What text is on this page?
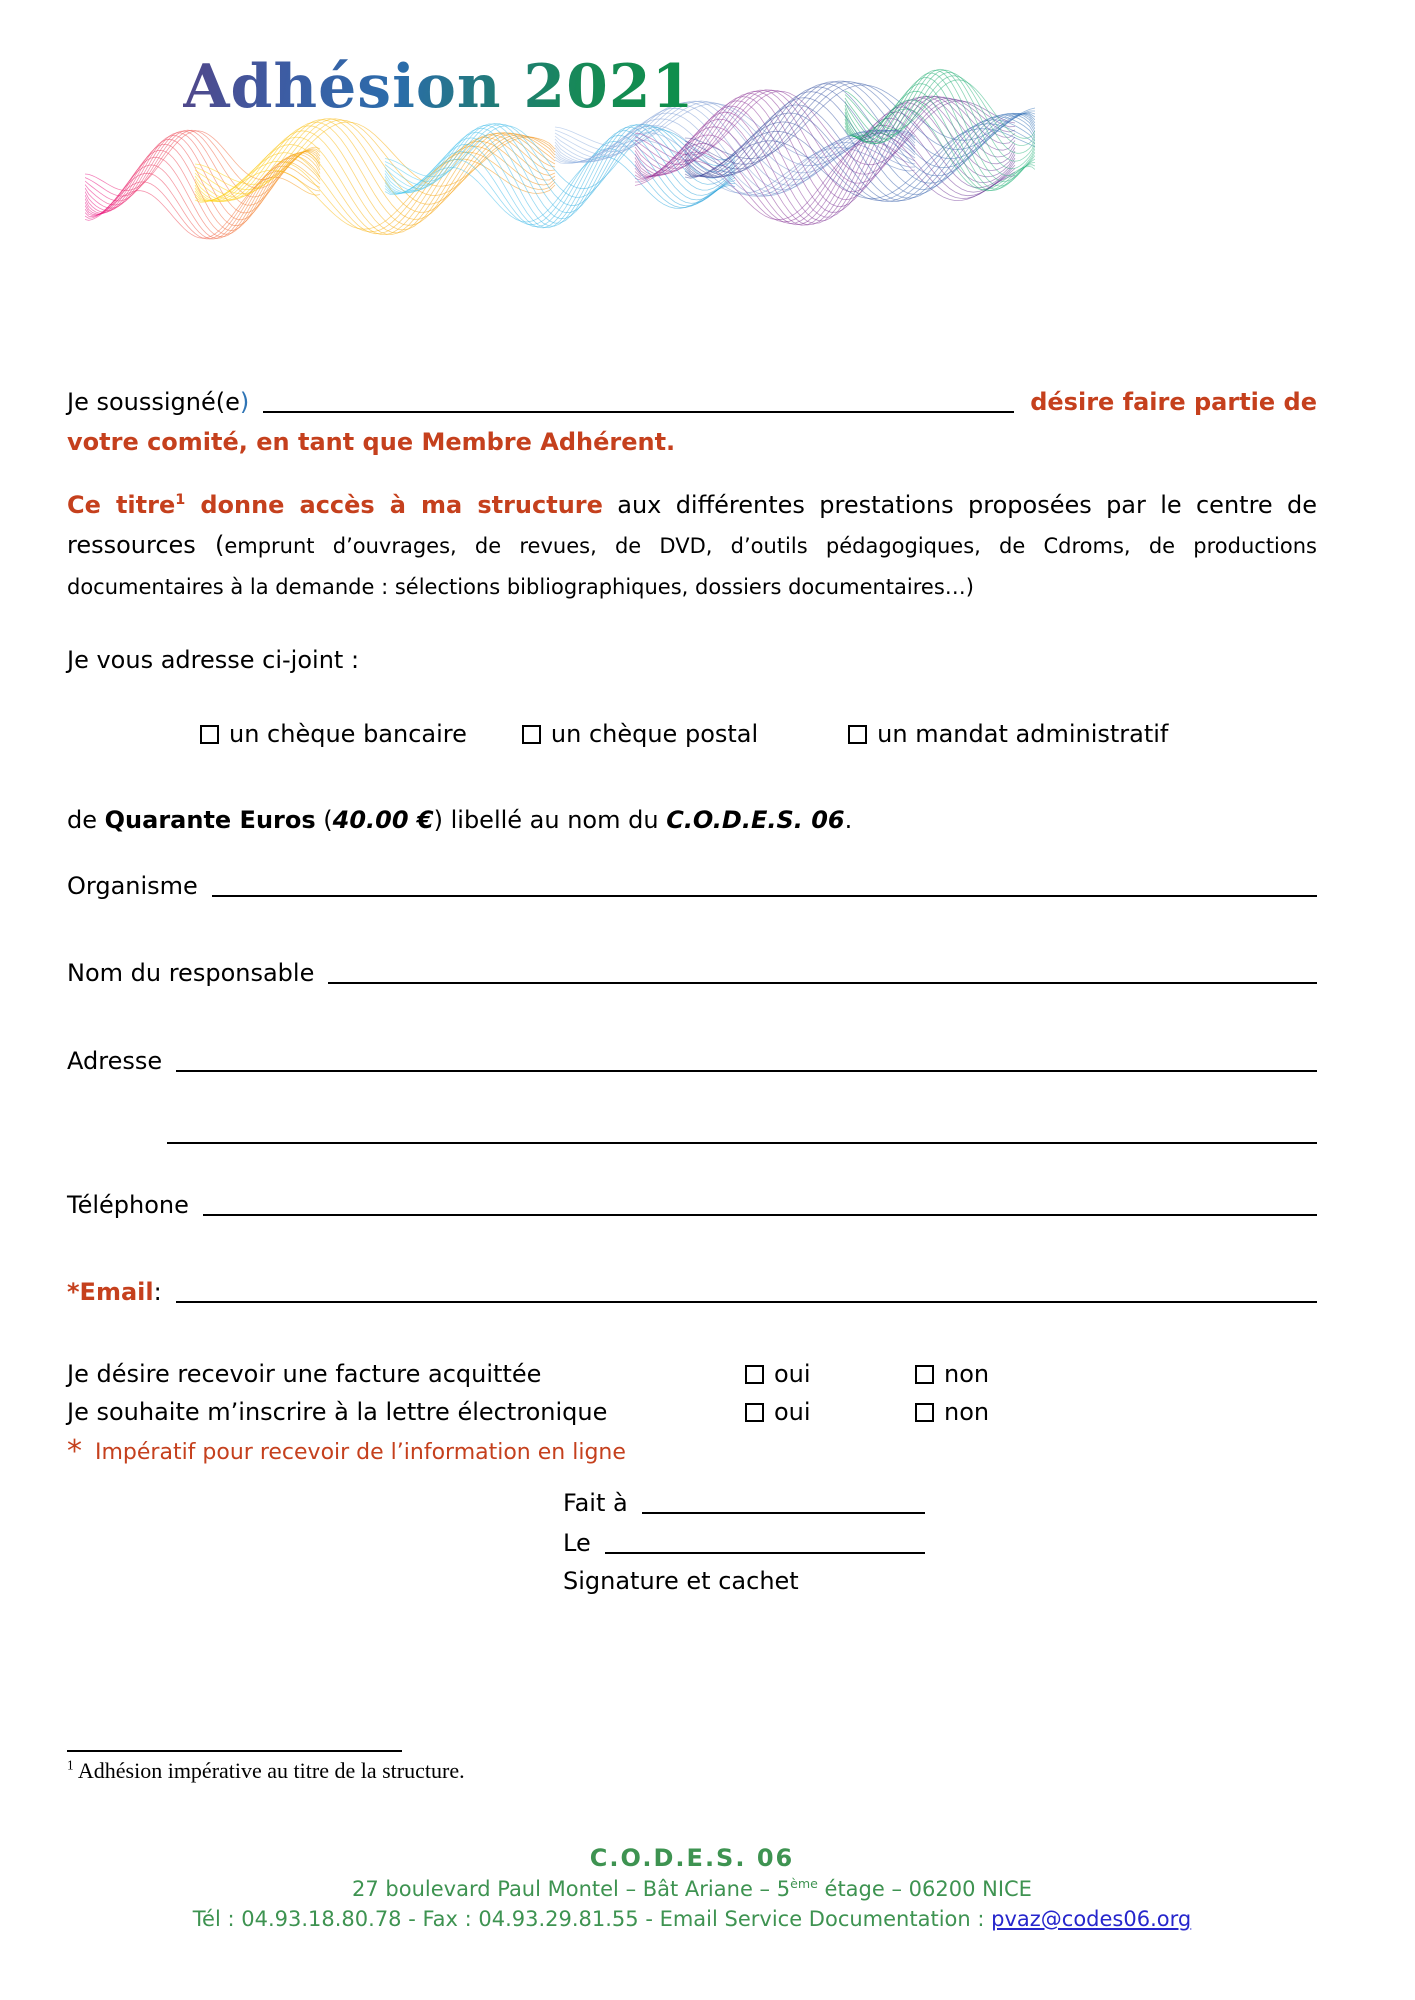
Adhésion 2021
Je soussigné(e )	désire faire partie de
votre comité, en tant que Membre Adhérent.

Ce titre$^1$ donne accès à ma structure aux différentes prestations proposées par le centre de ressources (emprunt d’ouvrages, de revues, de DVD, d’outils pédagogiques, de Cdroms, de productions documentaires à la demande : sélections bibliographiques, dossiers documentaires…)

Je vous adresse ci-joint :
un chèque bancaire	un chèque postal	un mandat administratif
de Quarante Euros (40.00 €) libellé au nom du C.O.D.E.S. 06.
Organisme
Nom du responsable
Adresse
Téléphone
*Email :
Je désire recevoir une facture acquittée	oui	non
Je souhaite m’inscrire à la lettre électronique	oui	non
* Impératif pour recevoir de l’information en ligne
Fait à
Le
Signature et cachet
$^1$ Adhésion impérative au titre de la structure.
C.O.D.E.S. 06
27 boulevard Paul Montel – Bât Ariane – 5ème étage – 06200 NICE
Tél : 04.93.18.80.78 - Fax : 04.93.29.81.55 - Email Service Documentation : pvaz@codes06.org
